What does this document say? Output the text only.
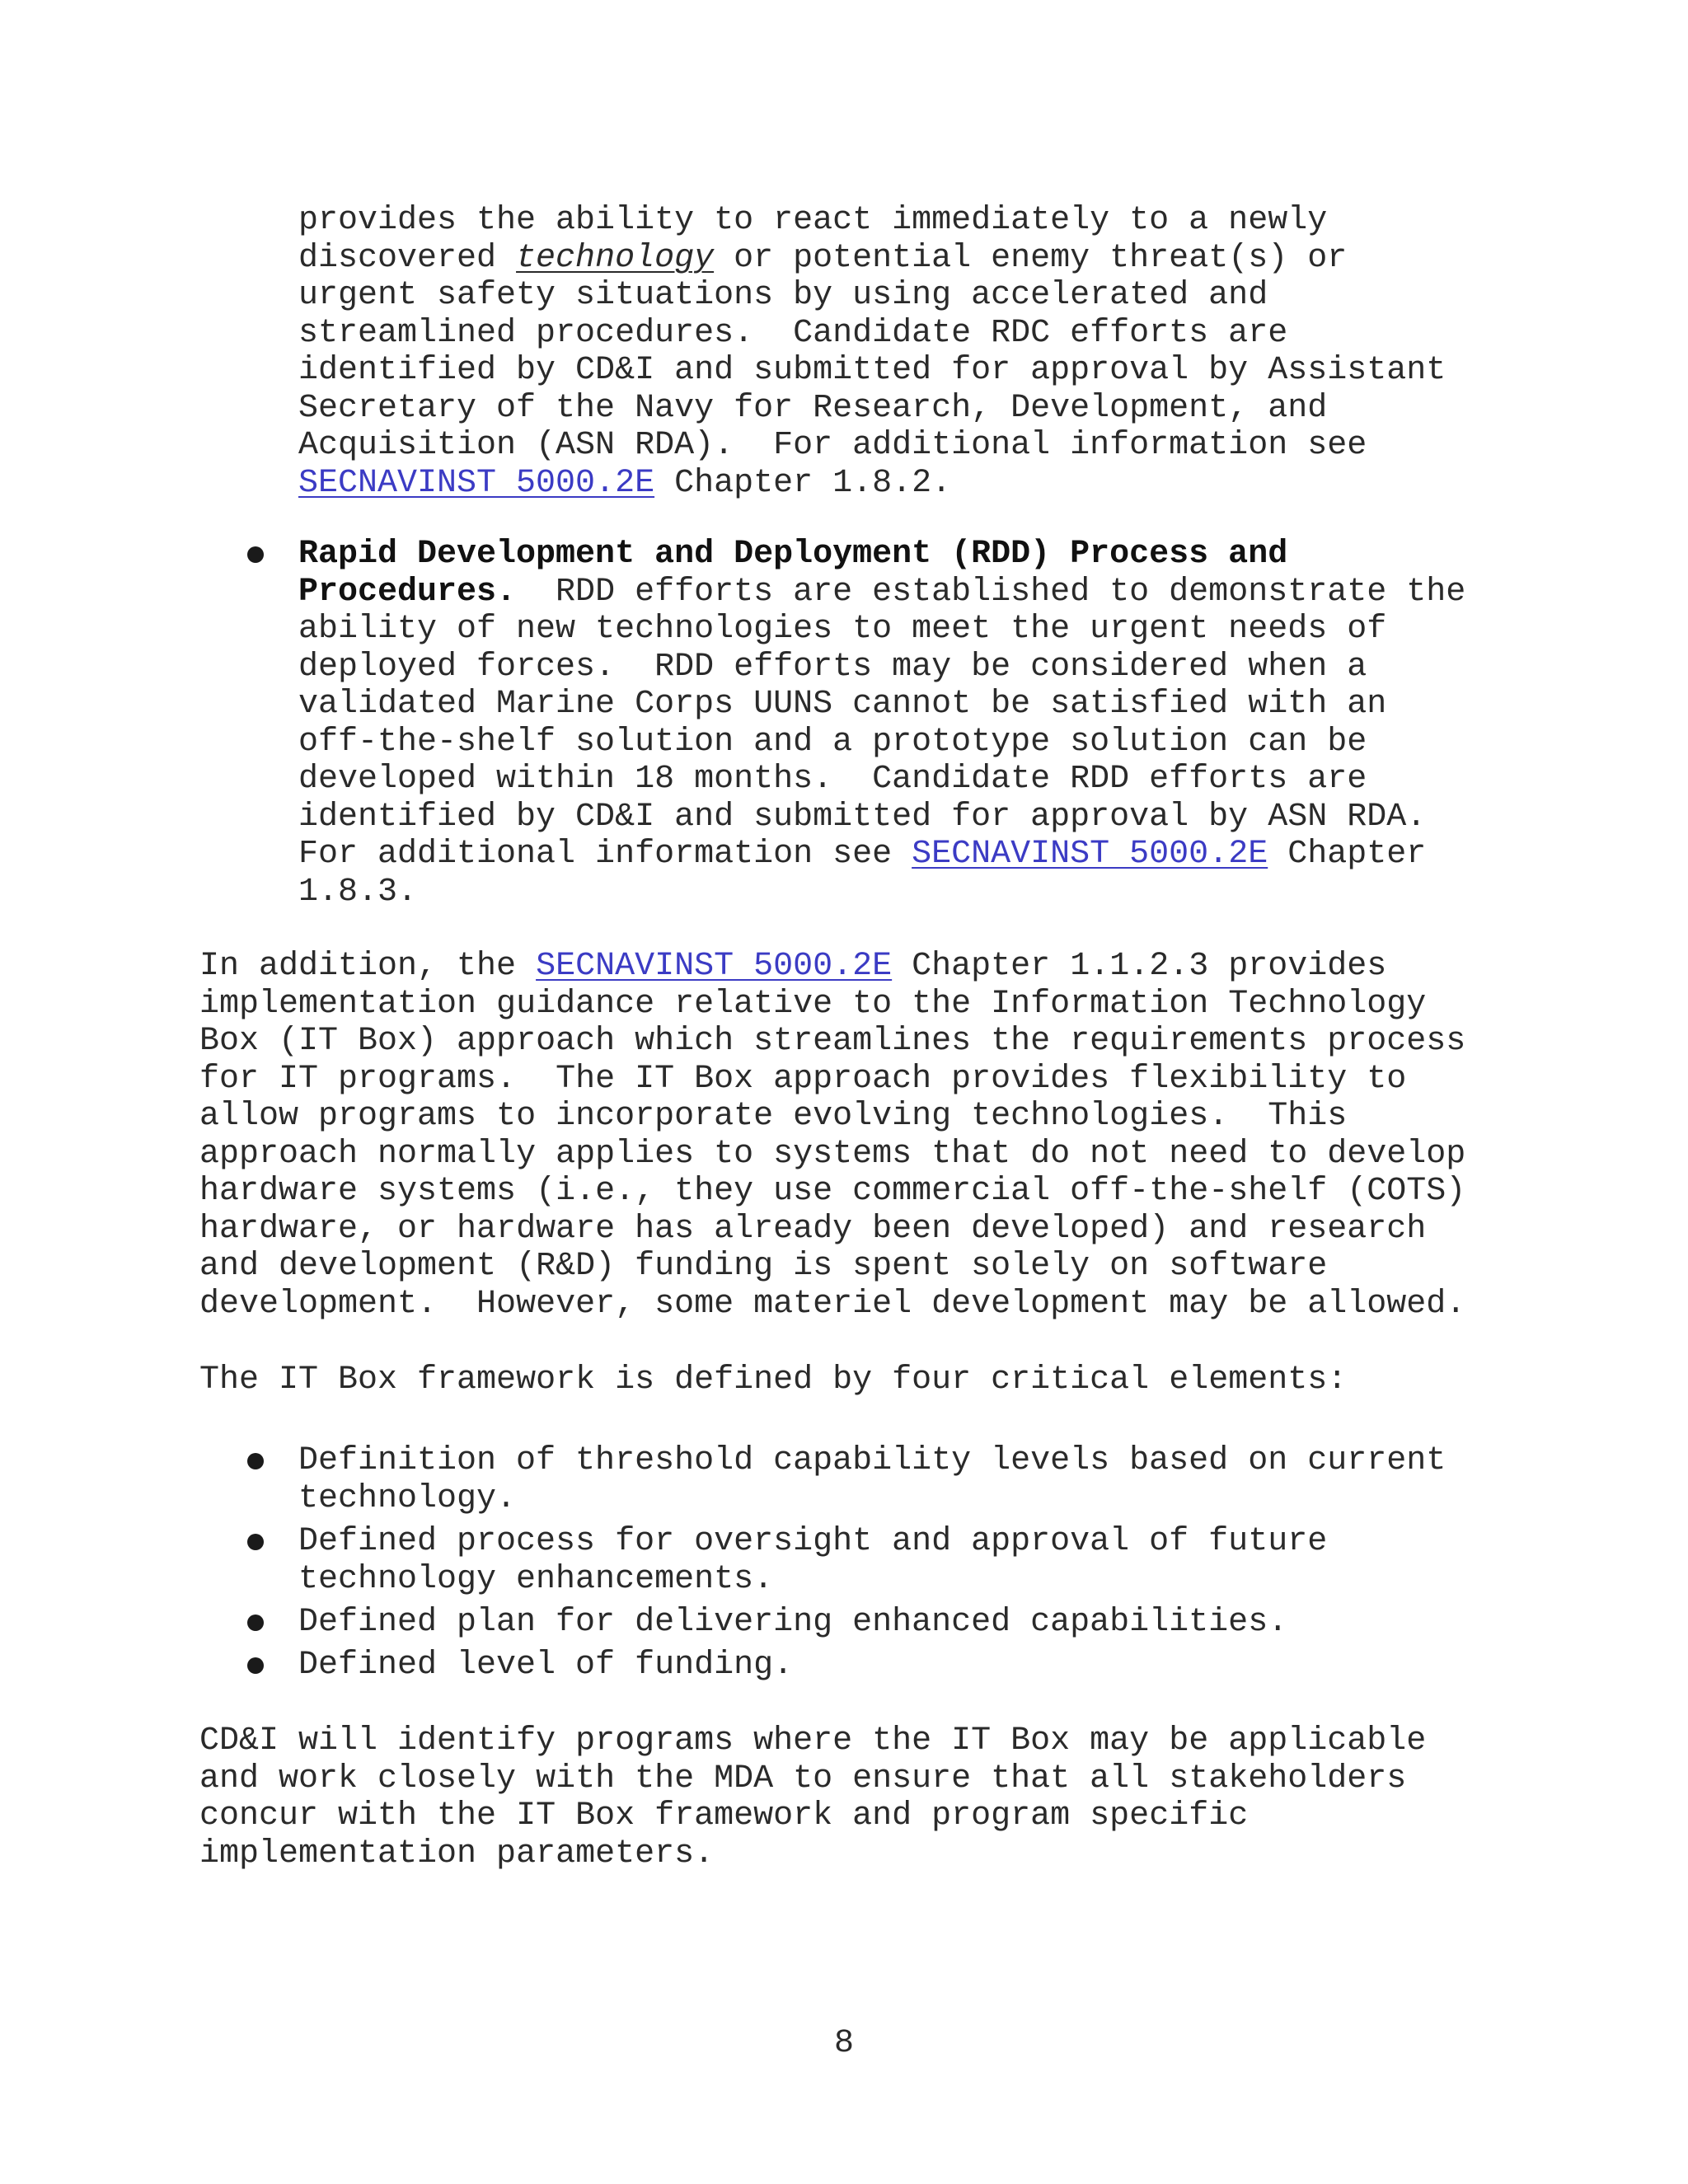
provides the ability to react immediately to a newly
discovered technology or potential enemy threat(s) or
urgent safety situations by using accelerated and
streamlined procedures.  Candidate RDC efforts are
identified by CD&I and submitted for approval by Assistant
Secretary of the Navy for Research, Development, and
Acquisition (ASN RDA).  For additional information see
SECNAVINST 5000.2E Chapter 1.8.2.
Rapid Development and Deployment (RDD) Process and
Procedures.  RDD efforts are established to demonstrate the
ability of new technologies to meet the urgent needs of
deployed forces.  RDD efforts may be considered when a
validated Marine Corps UUNS cannot be satisfied with an
off-the-shelf solution and a prototype solution can be
developed within 18 months.  Candidate RDD efforts are
identified by CD&I and submitted for approval by ASN RDA.
For additional information see SECNAVINST 5000.2E Chapter
1.8.3.
In addition, the SECNAVINST 5000.2E Chapter 1.1.2.3 provides
implementation guidance relative to the Information Technology
Box (IT Box) approach which streamlines the requirements process
for IT programs.  The IT Box approach provides flexibility to
allow programs to incorporate evolving technologies.  This
approach normally applies to systems that do not need to develop
hardware systems (i.e., they use commercial off-the-shelf (COTS)
hardware, or hardware has already been developed) and research
and development (R&D) funding is spent solely on software
development.  However, some materiel development may be allowed.
The IT Box framework is defined by four critical elements:
Definition of threshold capability levels based on current
technology.
Defined process for oversight and approval of future
technology enhancements.
Defined plan for delivering enhanced capabilities.
Defined level of funding.
CD&I will identify programs where the IT Box may be applicable
and work closely with the MDA to ensure that all stakeholders
concur with the IT Box framework and program specific
implementation parameters.
8
